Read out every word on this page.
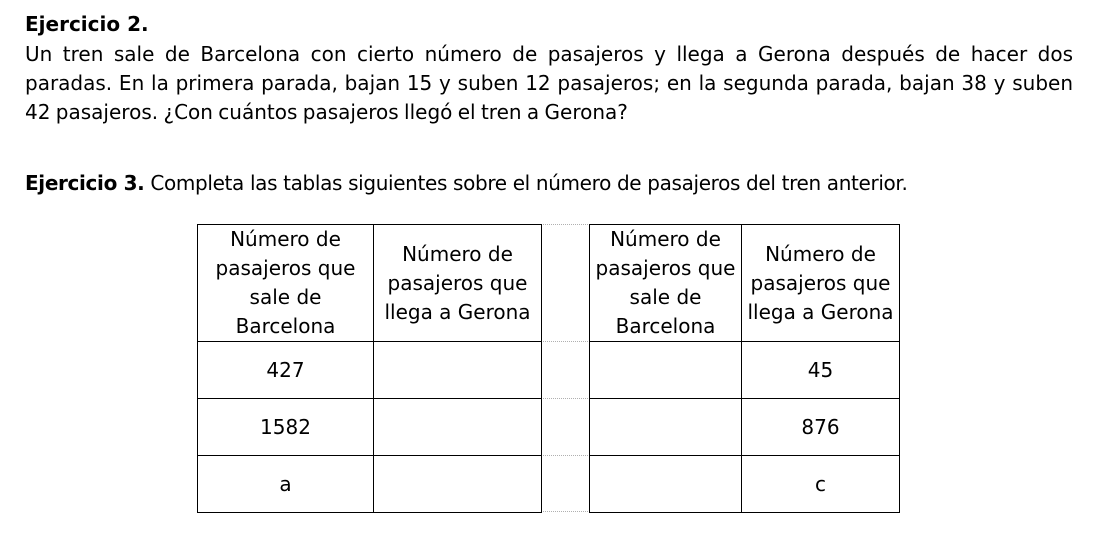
Ejercicio 2.
Un tren sale de Barcelona con cierto número de pasajeros y llega a Gerona después de hacer dos paradas. En la primera parada, bajan 15 y suben 12 pasajeros; en la segunda parada, bajan 38 y suben 42 pasajeros. ¿Con cuántos pasajeros llegó el tren a Gerona?
Ejercicio 3. Completa las tablas siguientes sobre el número de pasajeros del tren anterior.
Número de pasajeros que sale de Barcelona	Número de pasajeros que llega a Gerona
427	
1582	
a	
Número de pasajeros que sale de Barcelona	Número de pasajeros que llega a Gerona
	45
	876
	c
